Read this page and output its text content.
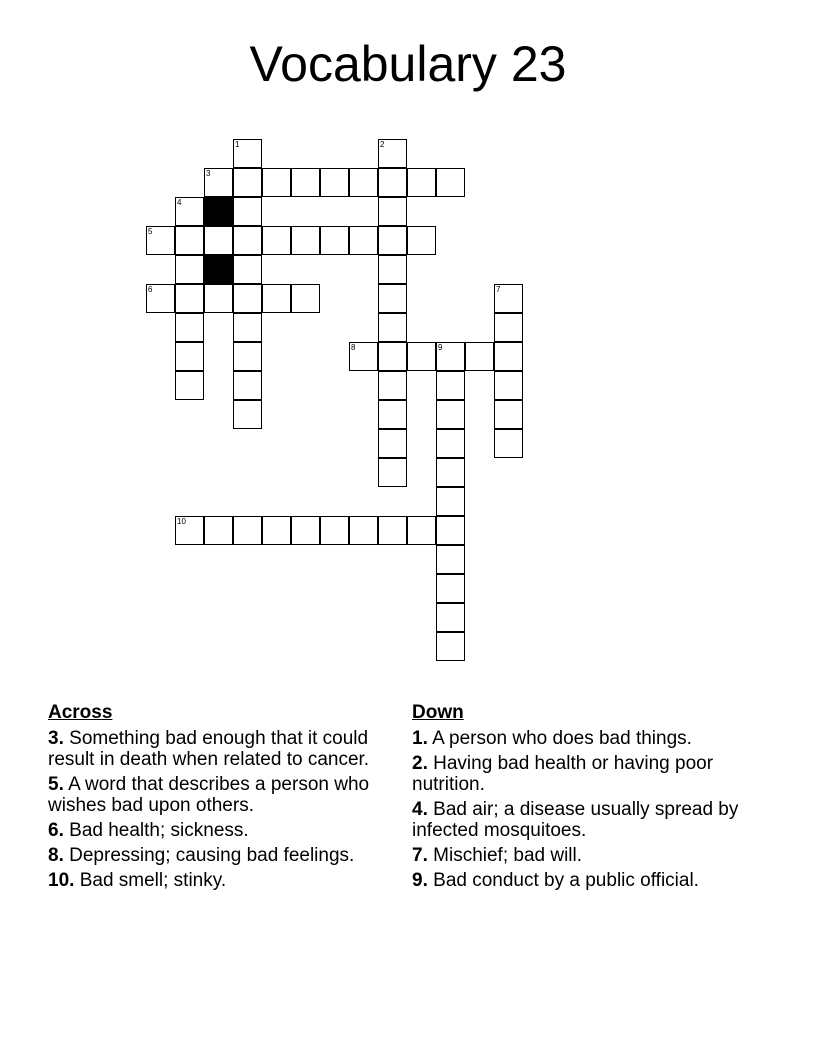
Vocabulary 23
1	2
3
4
5
6	7
8	9
10
Across
3. Something bad enough that it could result in death when related to cancer.
5. A word that describes a person who wishes bad upon others.
6. Bad health; sickness.
8. Depressing; causing bad feelings.
10. Bad smell; stinky.
Down
1. A person who does bad things.
2. Having bad health or having poor nutrition.
4. Bad air; a disease usually spread by infected mosquitoes.
7. Mischief; bad will.
9. Bad conduct by a public official.
